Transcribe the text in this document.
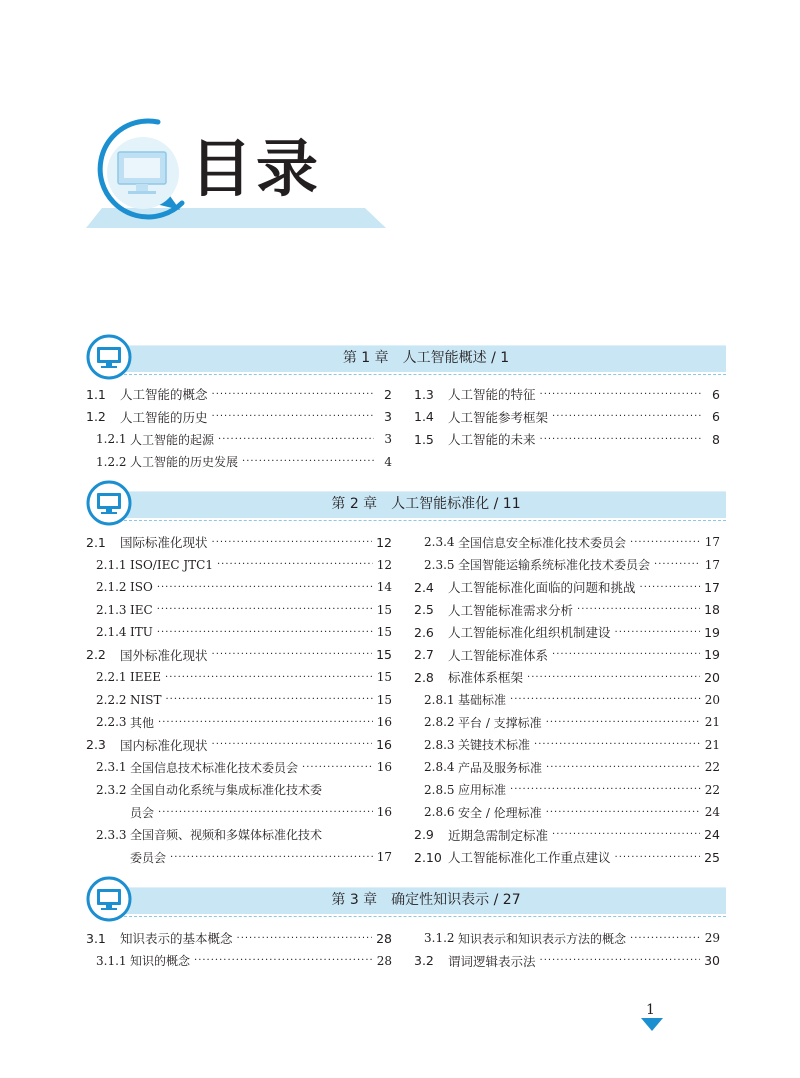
目录
第 1 章　人工智能概述 / 1
1.1	人工智能的概念 ·····	2
1.2	人工智能的历史 ·····	3
1.2.1 人工智能的起源 ·····	3
1.2.2 人工智能的历史发展 ·····	4
1.3	人工智能的特征 ·····	6
1.4	人工智能参考框架 ·····	6
1.5	人工智能的未来 ·····	8
第 2 章　人工智能标准化 / 11
2.1	国际标准化现状 ·····	12
2.1.1 ISO/IEC JTC1 ·····	12
2.1.2 ISO ·····	14
2.1.3 IEC ·····	15
2.1.4 ITU ·····	15
2.2	国外标准化现状 ·····	15
2.2.1 IEEE ·····	15
2.2.2 NIST ·····	15
2.2.3 其他 ·····	16
2.3	国内标准化现状 ·····	16
2.3.1 全国信息技术标准化技术委员会 ·····	16
2.3.2 全国自动化系统与集成标准化技术委
员会 ·····	16
2.3.3 全国音频、视频和多媒体标准化技术
委员会 ·····	17
2.3.4 全国信息安全标准化技术委员会 ·····	17
2.3.5 全国智能运输系统标准化技术委员会 ·····	17
2.4	人工智能标准化面临的问题和挑战 ·····	17
2.5	人工智能标准需求分析 ·····	18
2.6	人工智能标准化组织机制建设 ·····	19
2.7	人工智能标准体系 ·····	19
2.8	标准体系框架 ·····	20
2.8.1 基础标准 ·····	20
2.8.2 平台 / 支撑标准 ·····	21
2.8.3 关键技术标准 ·····	21
2.8.4 产品及服务标准 ·····	22
2.8.5 应用标准 ·····	22
2.8.6 安全 / 伦理标准 ·····	24
2.9	近期急需制定标准 ·····	24
2.10 人工智能标准化工作重点建议 ·····	25
第 3 章　确定性知识表示 / 27
3.1	知识表示的基本概念 ·····	28
3.1.1 知识的概念 ·····	28
3.1.2 知识表示和知识表示方法的概念 ·····	29
3.2	谓词逻辑表示法 ·····	30
1
